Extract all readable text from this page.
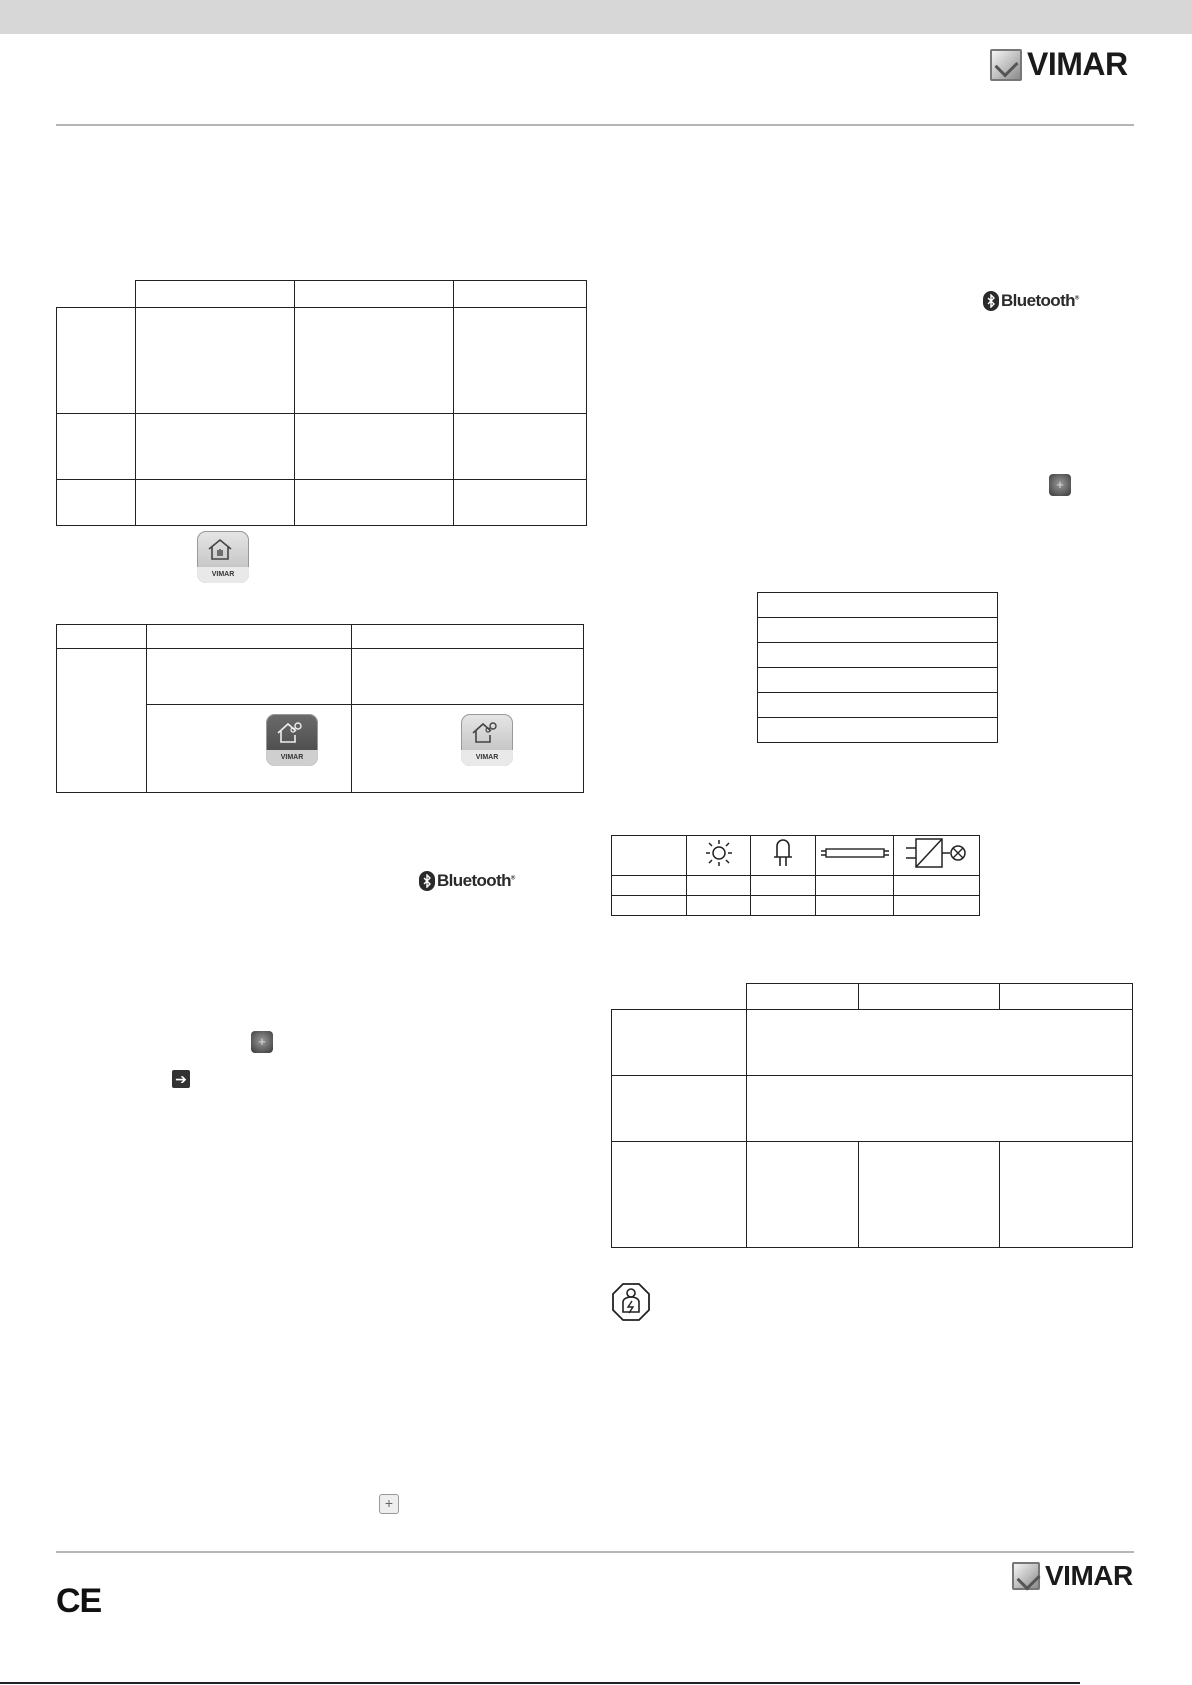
VIMAR

VIMAR

VIMAR	VIMAR
Bluetooth®
+
➔
+
Bluetooth®
+

VIMAR
CE
